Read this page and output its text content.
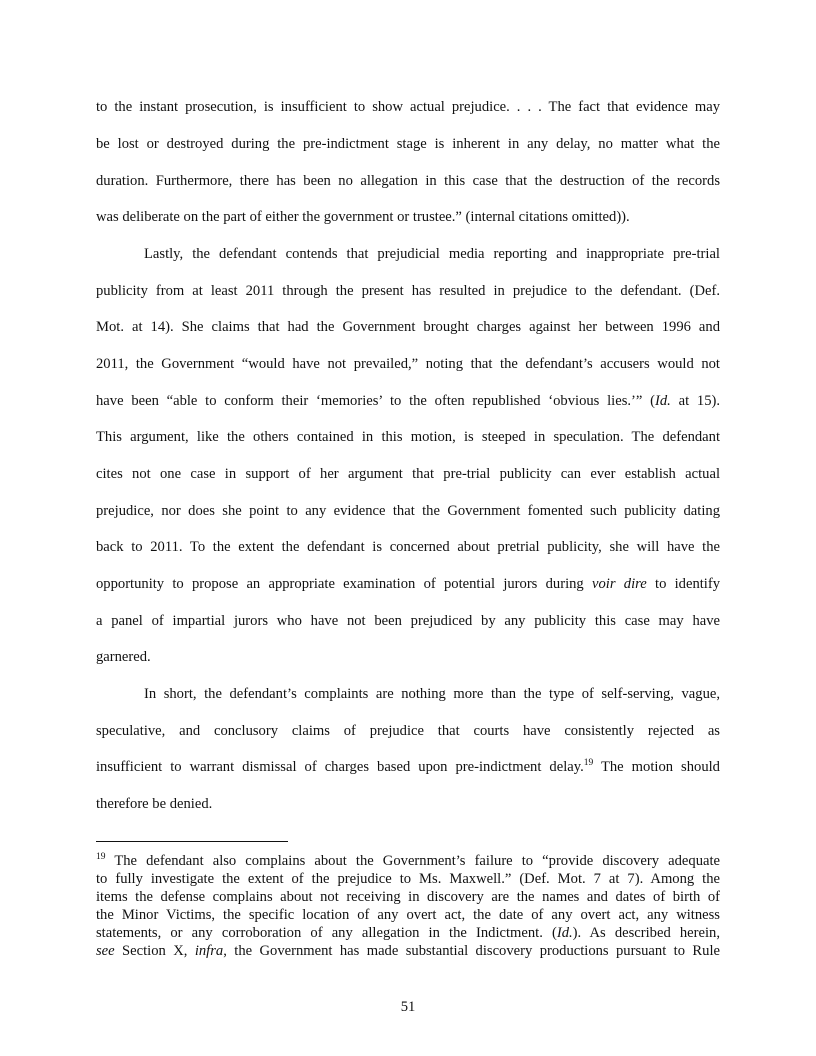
to the instant prosecution, is insufficient to show actual prejudice. . . . The fact that evidence may
be lost or destroyed during the pre-indictment stage is inherent in any delay, no matter what the
duration. Furthermore, there has been no allegation in this case that the destruction of the records
was deliberate on the part of either the government or trustee.” (internal citations omitted)).
Lastly, the defendant contends that prejudicial media reporting and inappropriate pre-trial
publicity from at least 2011 through the present has resulted in prejudice to the defendant. (Def.
Mot. at 14). She claims that had the Government brought charges against her between 1996 and
2011, the Government “would have not prevailed,” noting that the defendant’s accusers would not
have been “able to conform their ‘memories’ to the often republished ‘obvious lies.’” (Id. at 15).
This argument, like the others contained in this motion, is steeped in speculation. The defendant
cites not one case in support of her argument that pre-trial publicity can ever establish actual
prejudice, nor does she point to any evidence that the Government fomented such publicity dating
back to 2011. To the extent the defendant is concerned about pretrial publicity, she will have the
opportunity to propose an appropriate examination of potential jurors during voir dire to identify
a panel of impartial jurors who have not been prejudiced by any publicity this case may have
garnered.
In short, the defendant’s complaints are nothing more than the type of self-serving, vague,
speculative, and conclusory claims of prejudice that courts have consistently rejected as
insufficient to warrant dismissal of charges based upon pre-indictment delay.$^{19}$ The motion should
therefore be denied.
$^{19}$ The defendant also complains about the Government’s failure to “provide discovery adequate
to fully investigate the extent of the prejudice to Ms. Maxwell.” (Def. Mot. 7 at 7). Among the
items the defense complains about not receiving in discovery are the names and dates of birth of
the Minor Victims, the specific location of any overt act, the date of any overt act, any witness
statements, or any corroboration of any allegation in the Indictment. (Id.). As described herein,
see Section X, infra, the Government has made substantial discovery productions pursuant to Rule
51
